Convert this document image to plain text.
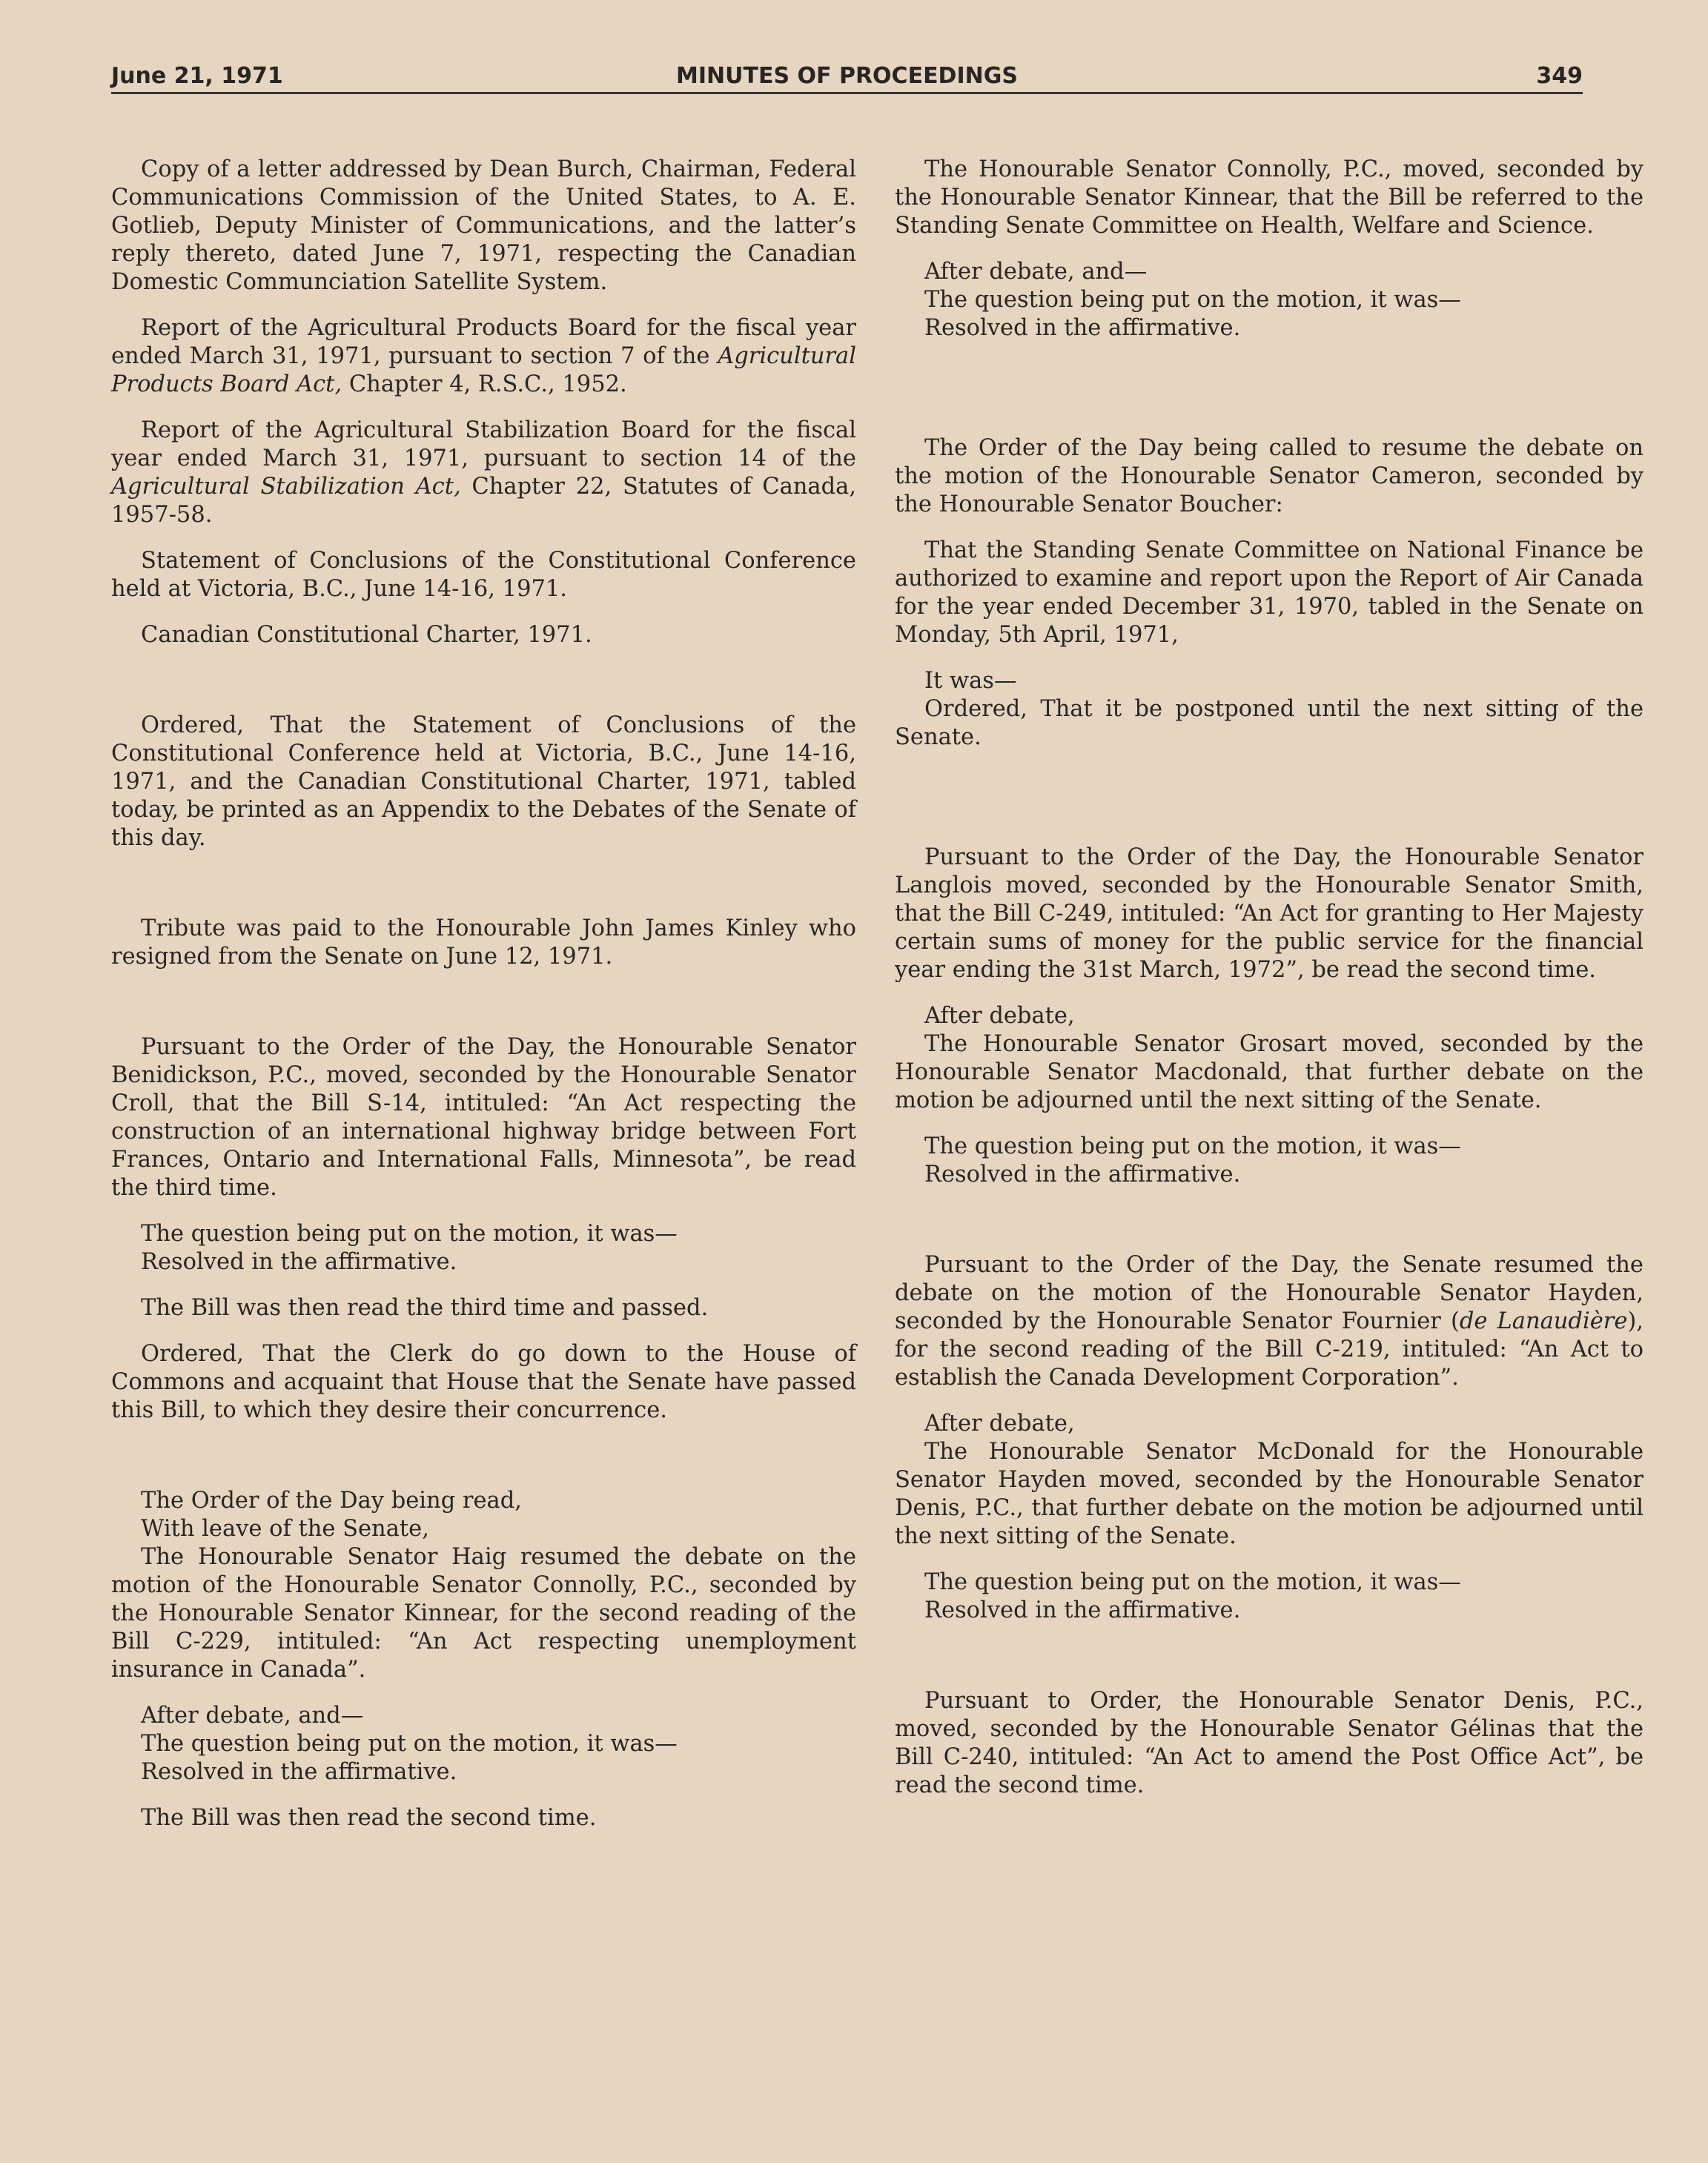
June 21, 1971	MINUTES OF PROCEEDINGS	349

Copy of a letter addressed by Dean Burch, Chairman, Federal Communications Commission of the United States, to A. E. Gotlieb, Deputy Minister of Communications, and the latter’s reply thereto, dated June 7, 1971, respecting the Canadian Domestic Communciation Satellite System.

Report of the Agricultural Products Board for the fiscal year ended March 31, 1971, pursuant to section 7 of the Agricultural Products Board Act, Chapter 4, R.S.C., 1952.

Report of the Agricultural Stabilization Board for the fiscal year ended March 31, 1971, pursuant to section 14 of the Agricultural Stabilization Act, Chapter 22, Statutes of Canada, 1957-58.

Statement of Conclusions of the Constitutional Conference held at Victoria, B.C., June 14-16, 1971.

Canadian Constitutional Charter, 1971.

Ordered, That the Statement of Conclusions of the Constitutional Conference held at Victoria, B.C., June 14-16, 1971, and the Canadian Constitutional Charter, 1971, tabled today, be printed as an Appendix to the Debates of the Senate of this day.

Tribute was paid to the Honourable John James Kinley who resigned from the Senate on June 12, 1971.

Pursuant to the Order of the Day, the Honourable Senator Benidickson, P.C., moved, seconded by the Honourable Senator Croll, that the Bill S-14, intituled: “An Act respecting the construction of an international highway bridge between Fort Frances, Ontario and International Falls, Minnesota”, be read the third time.

The question being put on the motion, it was—

Resolved in the affirmative.

The Bill was then read the third time and passed.

Ordered, That the Clerk do go down to the House of Commons and acquaint that House that the Senate have passed this Bill, to which they desire their concurrence.

The Order of the Day being read,

With leave of the Senate,

The Honourable Senator Haig resumed the debate on the motion of the Honourable Senator Connolly, P.C., seconded by the Honourable Senator Kinnear, for the second reading of the Bill C-229, intituled: “An Act respecting unemployment insurance in Canada”.

After debate, and—

The question being put on the motion, it was—

Resolved in the affirmative.

The Bill was then read the second time.

The Honourable Senator Connolly, P.C., moved, seconded by the Honourable Senator Kinnear, that the Bill be referred to the Standing Senate Committee on Health, Welfare and Science.

After debate, and—

The question being put on the motion, it was—

Resolved in the affirmative.

The Order of the Day being called to resume the debate on the motion of the Honourable Senator Cameron, seconded by the Honourable Senator Boucher:

That the Standing Senate Committee on National Finance be authorized to examine and report upon the Report of Air Canada for the year ended December 31, 1970, tabled in the Senate on Monday, 5th April, 1971,

It was—

Ordered, That it be postponed until the next sitting of the Senate.

Pursuant to the Order of the Day, the Honourable Senator Langlois moved, seconded by the Honourable Senator Smith, that the Bill C-249, intituled: “An Act for granting to Her Majesty certain sums of money for the public service for the financial year ending the 31st March, 1972”, be read the second time.

After debate,

The Honourable Senator Grosart moved, seconded by the Honourable Senator Macdonald, that further debate on the motion be adjourned until the next sitting of the Senate.

The question being put on the motion, it was—

Resolved in the affirmative.

Pursuant to the Order of the Day, the Senate resumed the debate on the motion of the Honourable Senator Hayden, seconded by the Honourable Senator Fournier (de Lanaudière), for the second reading of the Bill C-219, intituled: “An Act to establish the Canada Development Corporation”.

After debate,

The Honourable Senator McDonald for the Honourable Senator Hayden moved, seconded by the Honourable Senator Denis, P.C., that further debate on the motion be adjourned until the next sitting of the Senate.

The question being put on the motion, it was—

Resolved in the affirmative.

Pursuant to Order, the Honourable Senator Denis, P.C., moved, seconded by the Honourable Senator Gélinas that the Bill C-240, intituled: “An Act to amend the Post Office Act”, be read the second time.
